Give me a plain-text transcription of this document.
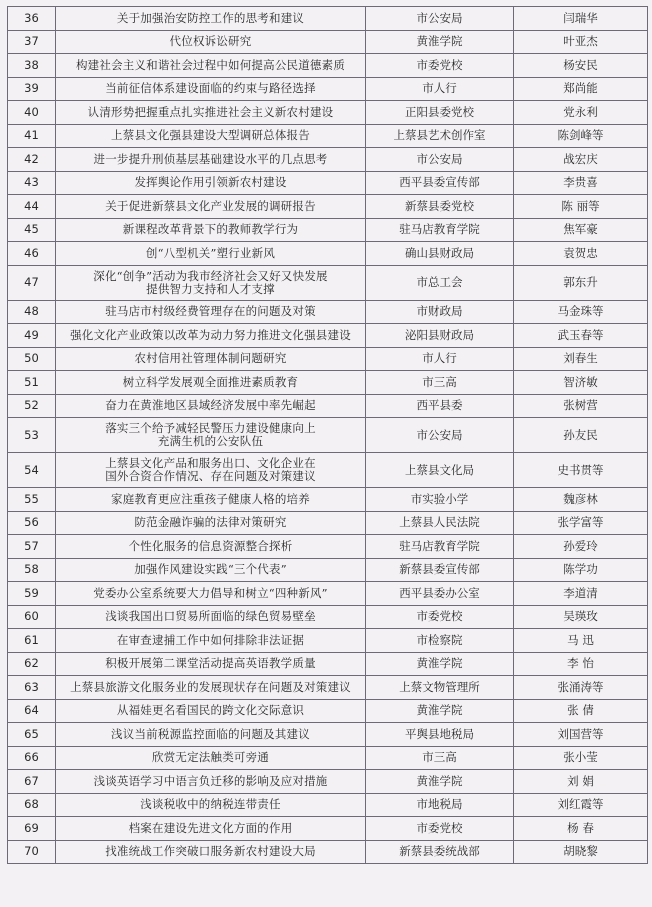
36	关于加强治安防控工作的思考和建议	市公安局	闫瑞华
37	代位权诉讼研究	黄淮学院	叶亚杰
38	构建社会主义和谐社会过程中如何提高公民道德素质	市委党校	杨安民
39	当前征信体系建设面临的约束与路径选择	市人行	郑尚能
40	认清形势把握重点扎实推进社会主义新农村建设	正阳县委党校	党永利
41	上蔡县文化强县建设大型调研总体报告	上蔡县艺术创作室	陈剑峰等
42	进一步提升刑侦基层基础建设水平的几点思考	市公安局	战宏庆
43	发挥舆论作用引领新农村建设	西平县委宣传部	李贵喜
44	关于促进新蔡县文化产业发展的调研报告	新蔡县委党校	陈 丽等
45	新课程改革背景下的教师教学行为	驻马店教育学院	焦军豪
46	创“八型机关”塑行业新风	确山县财政局	袁贺忠
47	深化“创争”活动为我市经济社会又好又快发展
提供智力支持和人才支撑	市总工会	郭东升
48	驻马店市村级经费管理存在的问题及对策	市财政局	马金珠等
49	强化文化产业政策以改革为动力努力推进文化强县建设	泌阳县财政局	武玉春等
50	农村信用社管理体制问题研究	市人行	刘春生
51	树立科学发展观全面推进素质教育	市三高	智济敏
52	奋力在黄淮地区县域经济发展中率先崛起	西平县委	张树营
53	落实三个给予减轻民警压力建设健康向上
充满生机的公安队伍	市公安局	孙友民
54	上蔡县文化产品和服务出口、文化企业在
国外合资合作情况、存在问题及对策建议	上蔡县文化局	史书贯等
55	家庭教育更应注重孩子健康人格的培养	市实验小学	魏彦林
56	防范金融诈骗的法律对策研究	上蔡县人民法院	张学富等
57	个性化服务的信息资源整合探析	驻马店教育学院	孙爱玲
58	加强作风建设实践“三个代表”	新蔡县委宣传部	陈学功
59	党委办公室系统要大力倡导和树立“四种新风”	西平县委办公室	李道清
60	浅谈我国出口贸易所面临的绿色贸易壁垒	市委党校	吴瑛玫
61	在审查逮捕工作中如何排除非法证据	市检察院	马 迅
62	积极开展第二课堂活动提高英语教学质量	黄淮学院	李 怡
63	上蔡县旅游文化服务业的发展现状存在问题及对策建议	上蔡文物管理所	张涌涛等
64	从福娃更名看国民的跨文化交际意识	黄淮学院	张 倩
65	浅议当前税源监控面临的问题及其建议	平舆县地税局	刘国营等
66	欣赏无定法触类可旁通	市三高	张小莹
67	浅谈英语学习中语言负迁移的影响及应对措施	黄淮学院	刘 娟
68	浅谈税收中的纳税连带责任	市地税局	刘红霞等
69	档案在建设先进文化方面的作用	市委党校	杨 春
70	找准统战工作突破口服务新农村建设大局	新蔡县委统战部	胡晓黎
